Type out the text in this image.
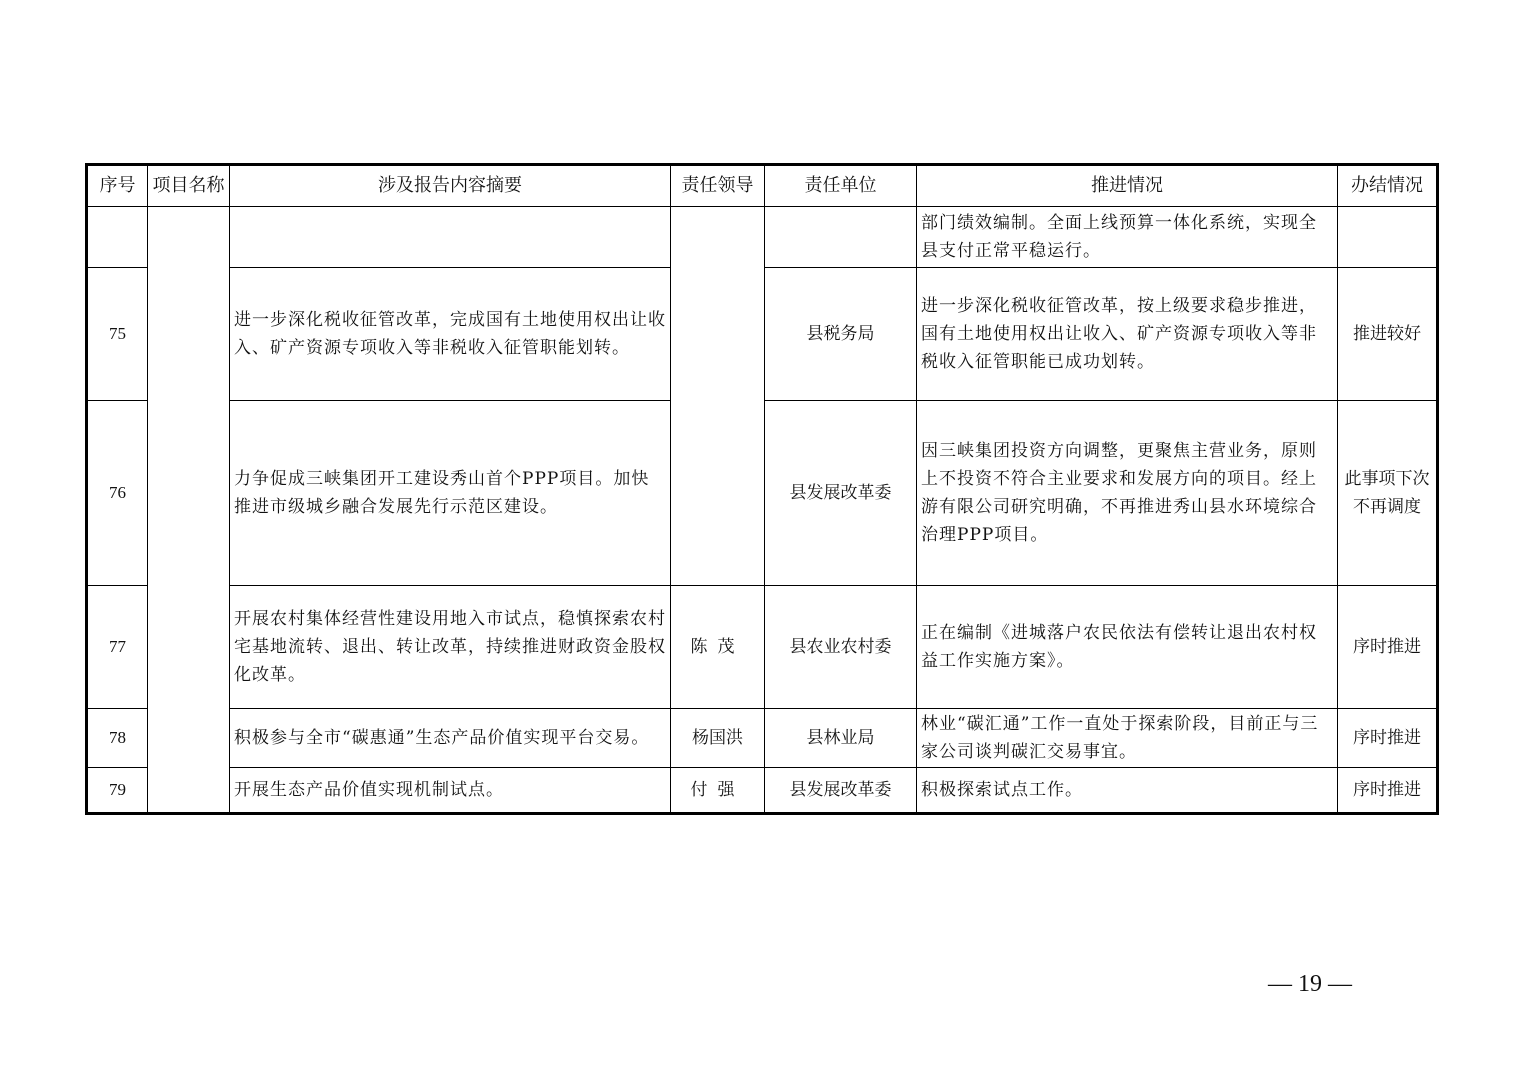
序号	项目名称	涉及报告内容摘要	责任领导	责任单位	推进情况	办结情况
					部门绩效编制。全面上线预算一体化系统，实现全县支付正常平稳运行。	
75		进一步深化税收征管改革，完成国有土地使用权出让收入、矿产资源专项收入等非税收入征管职能划转。		县税务局	进一步深化税收征管改革，按上级要求稳步推进，国有土地使用权出让收入、矿产资源专项收入等非税收入征管职能已成功划转。	推进较好
76		力争促成三峡集团开工建设秀山首个PPP项目。加快推进市级城乡融合发展先行示范区建设。		县发展改革委	因三峡集团投资方向调整，更聚焦主营业务，原则上不投资不符合主业要求和发展方向的项目。经上游有限公司研究明确，不再推进秀山县水环境综合治理PPP项目。	此事项下次不再调度
77		开展农村集体经营性建设用地入市试点，稳慎探索农村宅基地流转、退出、转让改革，持续推进财政资金股权化改革。	陈茂	县农业农村委	正在编制《进城落户农民依法有偿转让退出农村权益工作实施方案》。	序时推进
78		积极参与全市“碳惠通”生态产品价值实现平台交易。	杨国洪	县林业局	林业“碳汇通”工作一直处于探索阶段，目前正与三家公司谈判碳汇交易事宜。	序时推进
79		开展生态产品价值实现机制试点。	付强	县发展改革委	积极探索试点工作。	序时推进
— 19 —
